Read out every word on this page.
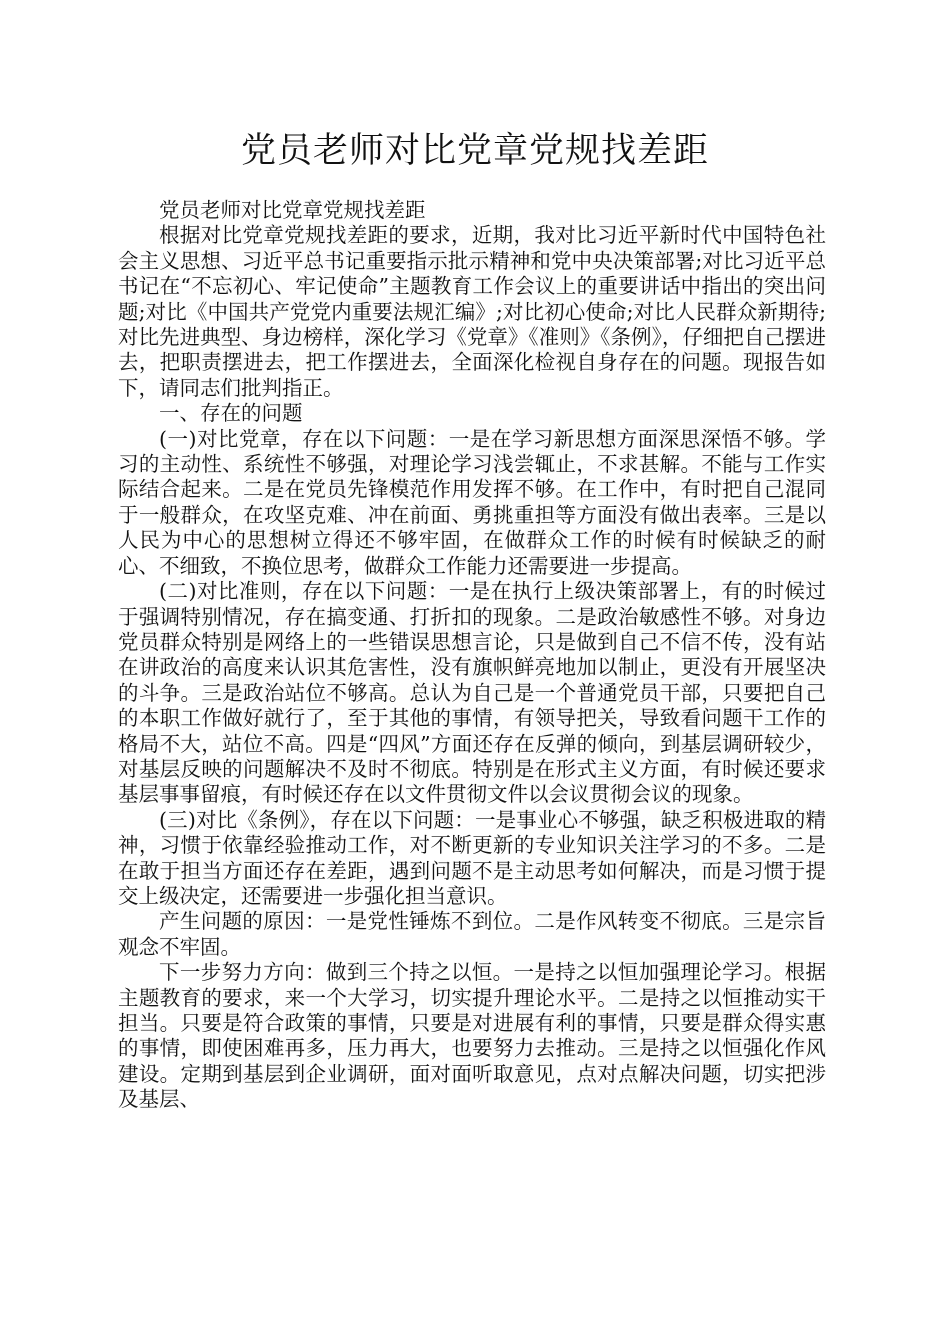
党员老师对比党章党规找差距

党员老师对比党章党规找差距

根据对比党章党规找差距的要求，近期，我对比习近平新时代中国特色社会主义思想、习近平总书记重要指示批示精神和党中央决策部署;对比习近平总书记在“不忘初心、牢记使命”主题教育工作会议上的重要讲话中指出的突出问题;对比《中国共产党党内重要法规汇编》;对比初心使命;对比人民群众新期待;对比先进典型、身边榜样，深化学习《党章》《准则》《条例》，仔细把自己摆进去，把职责摆进去，把工作摆进去，全面深化检视自身存在的问题。现报告如下，请同志们批判指正。

一、存在的问题

(一)对比党章，存在以下问题：一是在学习新思想方面深思深悟不够。学习的主动性、系统性不够强，对理论学习浅尝辄止，不求甚解。不能与工作实际结合起来。二是在党员先锋模范作用发挥不够。在工作中，有时把自己混同于一般群众，在攻坚克难、冲在前面、勇挑重担等方面没有做出表率。三是以人民为中心的思想树立得还不够牢固，在做群众工作的时候有时候缺乏的耐心、不细致，不换位思考，做群众工作能力还需要进一步提高。

(二)对比准则，存在以下问题：一是在执行上级决策部署上，有的时候过于强调特别情况，存在搞变通、打折扣的现象。二是政治敏感性不够。对身边党员群众特别是网络上的一些错误思想言论，只是做到自己不信不传，没有站在讲政治的高度来认识其危害性，没有旗帜鲜亮地加以制止，更没有开展坚决的斗争。三是政治站位不够高。总认为自己是一个普通党员干部，只要把自己的本职工作做好就行了，至于其他的事情，有领导把关，导致看问题干工作的格局不大，站位不高。四是“四风”方面还存在反弹的倾向，到基层调研较少，对基层反映的问题解决不及时不彻底。特别是在形式主义方面，有时候还要求基层事事留痕，有时候还存在以文件贯彻文件以会议贯彻会议的现象。

(三)对比《条例》，存在以下问题：一是事业心不够强，缺乏积极进取的精神，习惯于依靠经验推动工作，对不断更新的专业知识关注学习的不多。二是在敢于担当方面还存在差距，遇到问题不是主动思考如何解决，而是习惯于提交上级决定，还需要进一步强化担当意识。

产生问题的原因：一是党性锤炼不到位。二是作风转变不彻底。三是宗旨观念不牢固。

下一步努力方向：做到三个持之以恒。一是持之以恒加强理论学习。根据主题教育的要求，来一个大学习，切实提升理论水平。二是持之以恒推动实干担当。只要是符合政策的事情，只要是对进展有利的事情，只要是群众得实惠的事情，即使困难再多，压力再大，也要努力去推动。三是持之以恒强化作风建设。定期到基层到企业调研，面对面听取意见，点对点解决问题，切实把涉及基层、
